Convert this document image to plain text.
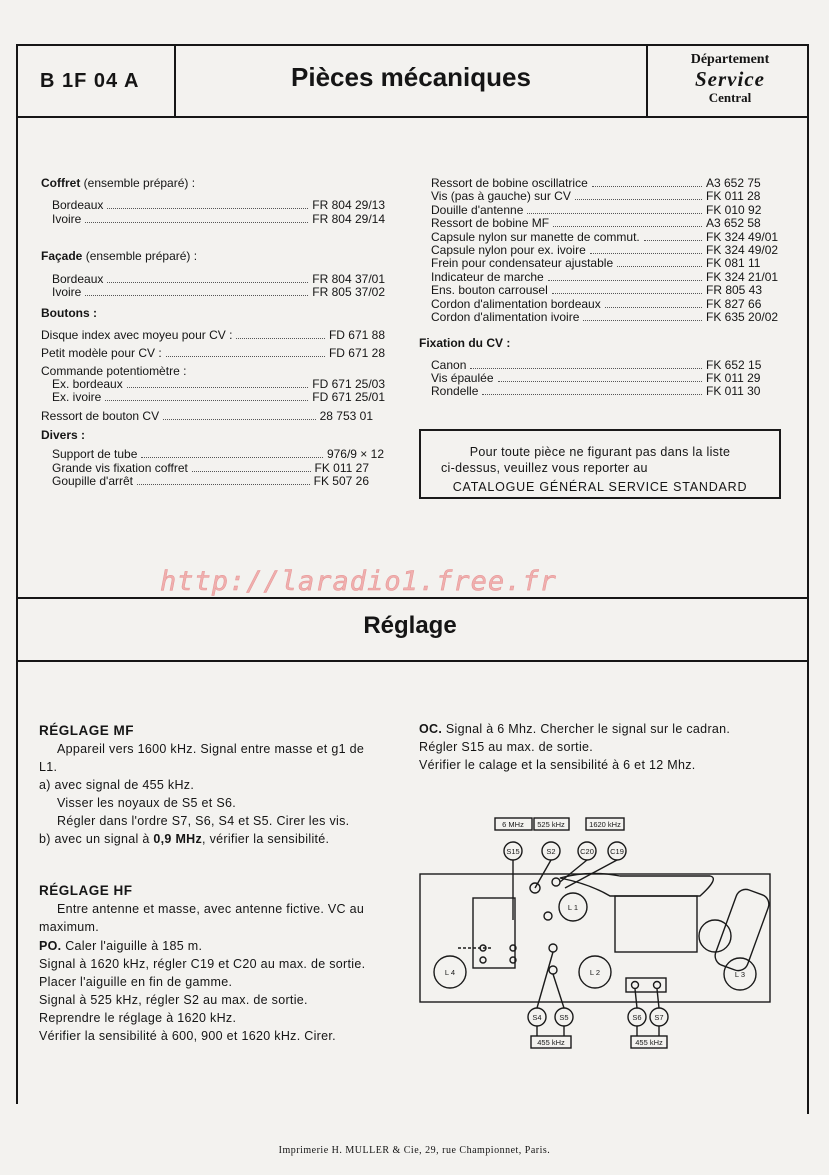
B 1F 04 A	Pièces mécaniques
Département
Service
Central
Coffret
(ensemble préparé) :
Bordeaux	FR 804 29/13
Ivoire	FR 804 29/14
Façade
(ensemble préparé) :
Bordeaux	FR 804 37/01
Ivoire	FR 805 37/02
Boutons :
Disque index avec moyeu pour CV :	FD 671 88
Petit modèle pour CV :	FD 671 28
Commande potentiomètre :
Ex. bordeaux	FD 671 25/03
Ex. ivoire	FD 671 25/01
Ressort de bouton CV	28 753 01
Divers :
Support de tube	976/9 × 12
Grande vis fixation coffret	FK 011 27
Goupille d'arrêt	FK 507 26
Ressort de bobine oscillatrice	A3 652 75
Vis (pas à gauche) sur CV	FK 011 28
Douille d'antenne	FK 010 92
Ressort de bobine MF	A3 652 58
Capsule nylon sur manette de commut.	FK 324 49/01
Capsule nylon pour ex. ivoire	FK 324 49/02
Frein pour condensateur ajustable	FK 081 11
Indicateur de marche	FK 324 21/01
Ens. bouton carrousel	FR 805 43
Cordon d'alimentation bordeaux	FK 827 66
Cordon d'alimentation ivoire	FK 635 20/02
Fixation du CV :
Canon	FK 652 15
Vis épaulée	FK 011 29
Rondelle	FK 011 30
Pour toute pièce ne figurant pas dans la liste
ci-dessus, veuillez vous reporter au
CATALOGUE GÉNÉRAL SERVICE STANDARD
http://laradio1.free.fr
Réglage
RÉGLAGE MF
Appareil vers 1600 kHz. Signal entre masse et g1 de
L1.
a) avec signal de 455 kHz.
Visser les noyaux de S5 et S6.
Régler dans l'ordre S7, S6, S4 et S5. Cirer les vis.
b) avec un signal à 0,9 MHz, vérifier la sensibilité.
RÉGLAGE HF
Entre antenne et masse, avec antenne fictive. VC au
maximum.
PO. Caler l'aiguille à 185 m.
Signal à 1620 kHz, régler C19 et C20 au max. de sortie.
Placer l'aiguille en fin de gamme.
Signal à 525 kHz, régler S2 au max. de sortie.
Reprendre le réglage à 1620 kHz.
Vérifier la sensibilité à 600, 900 et 1620 kHz. Cirer.
OC. Signal à 6 Mhz. Chercher le signal sur le cadran.
Régler S15 au max. de sortie.
Vérifier le calage et la sensibilité à 6 et 12 Mhz.
6 MHz 525 kHz	1620 kHz
S15	S2	C20 C19
L 1
L 4	L 2	L 3
S4 S5	S6 S7
455 kHz	455 kHz
Imprimerie H. MULLER & Cie, 29, rue Championnet, Paris.
